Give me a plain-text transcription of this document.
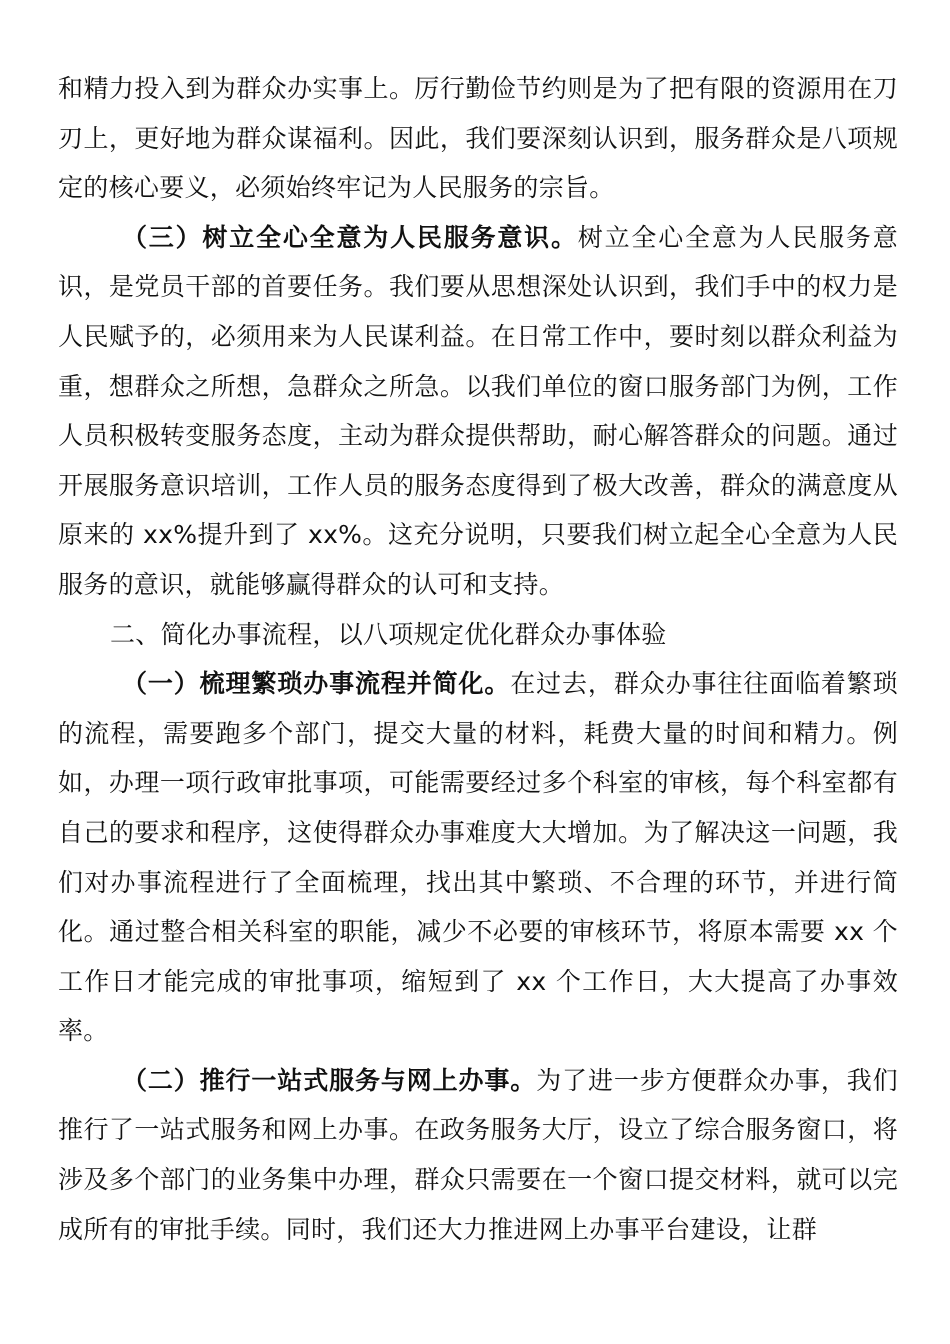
和精力投入到为群众办实事上。厉行勤俭节约则是为了把有限的资源用在刀刃上，更好地为群众谋福利。因此，我们要深刻认识到，服务群众是八项规定的核心要义，必须始终牢记为人民服务的宗旨。

（三）树立全心全意为人民服务意识。树立全心全意为人民服务意识，是党员干部的首要任务。我们要从思想深处认识到，我们手中的权力是人民赋予的，必须用来为人民谋利益。在日常工作中，要时刻以群众利益为重，想群众之所想，急群众之所急。以我们单位的窗口服务部门为例，工作人员积极转变服务态度，主动为群众提供帮助，耐心解答群众的问题。通过开展服务意识培训，工作人员的服务态度得到了极大改善，群众的满意度从原来的 xx%提升到了 xx%。这充分说明，只要我们树立起全心全意为人民服务的意识，就能够赢得群众的认可和支持。

二、简化办事流程，以八项规定优化群众办事体验

（一）梳理繁琐办事流程并简化。在过去，群众办事往往面临着繁琐的流程，需要跑多个部门，提交大量的材料，耗费大量的时间和精力。例如，办理一项行政审批事项，可能需要经过多个科室的审核，每个科室都有自己的要求和程序，这使得群众办事难度大大增加。为了解决这一问题，我们对办事流程进行了全面梳理，找出其中繁琐、不合理的环节，并进行简化。通过整合相关科室的职能，减少不必要的审核环节，将原本需要 xx 个工作日才能完成的审批事项，缩短到了 xx 个工作日，大大提高了办事效率。

（二）推行一站式服务与网上办事。为了进一步方便群众办事，我们推行了一站式服务和网上办事。在政务服务大厅，设立了综合服务窗口，将涉及多个部门的业务集中办理，群众只需要在一个窗口提交材料，就可以完成所有的审批手续。同时，我们还大力推进网上办事平台建设，让群
